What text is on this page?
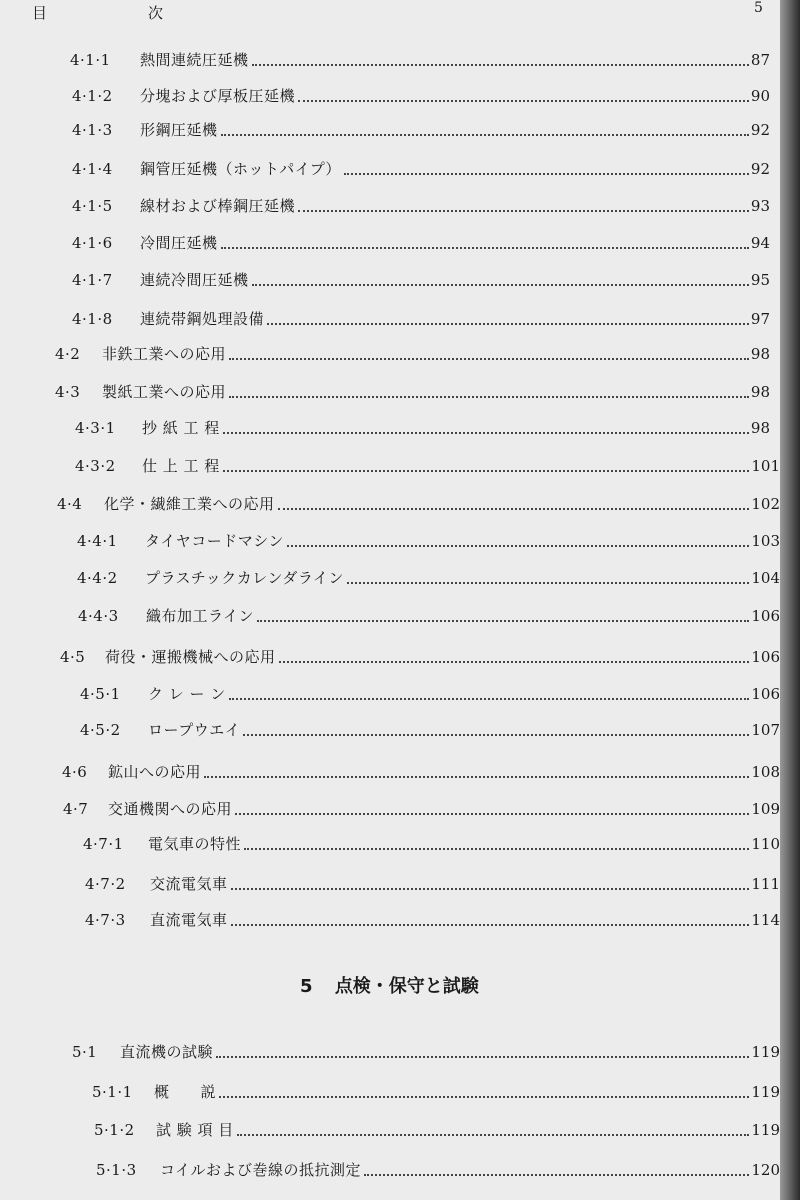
目	次	5
4·1·1	熱間連続圧延機	87
4·1·2	分塊および厚板圧延機	90
4·1·3	形鋼圧延機	92
4·1·4	鋼管圧延機（ホットパイプ）	92
4·1·5	線材および棒鋼圧延機	93
4·1·6	冷間圧延機	94
4·1·7	連続冷間圧延機	95
4·1·8	連続帯鋼処理設備	97
4·2	非鉄工業への応用	98
4·3	製紙工業への応用	98
4·3·1	抄 紙 工 程	98
4·3·2	仕 上 工 程	101
4·4	化学・繊維工業への応用	102
4·4·1	タイヤコードマシン	103
4·4·2	プラスチックカレンダライン	104
4·4·3	織布加工ライン	106
4·5	荷役・運搬機械への応用	106
4·5·1	ク レ ー ン	106
4·5·2	ロープウエイ	107
4·6	鉱山への応用	108
4·7	交通機関への応用	109
4·7·1	電気車の特性	110
4·7·2	交流電気車	111
4·7·3	直流電気車	114
5 点検・保守と試験
5·1	直流機の試験	119
5·1·1	概　　説	119
5·1·2	試 験 項 目	119
5·1·3	コイルおよび巻線の抵抗測定	120
